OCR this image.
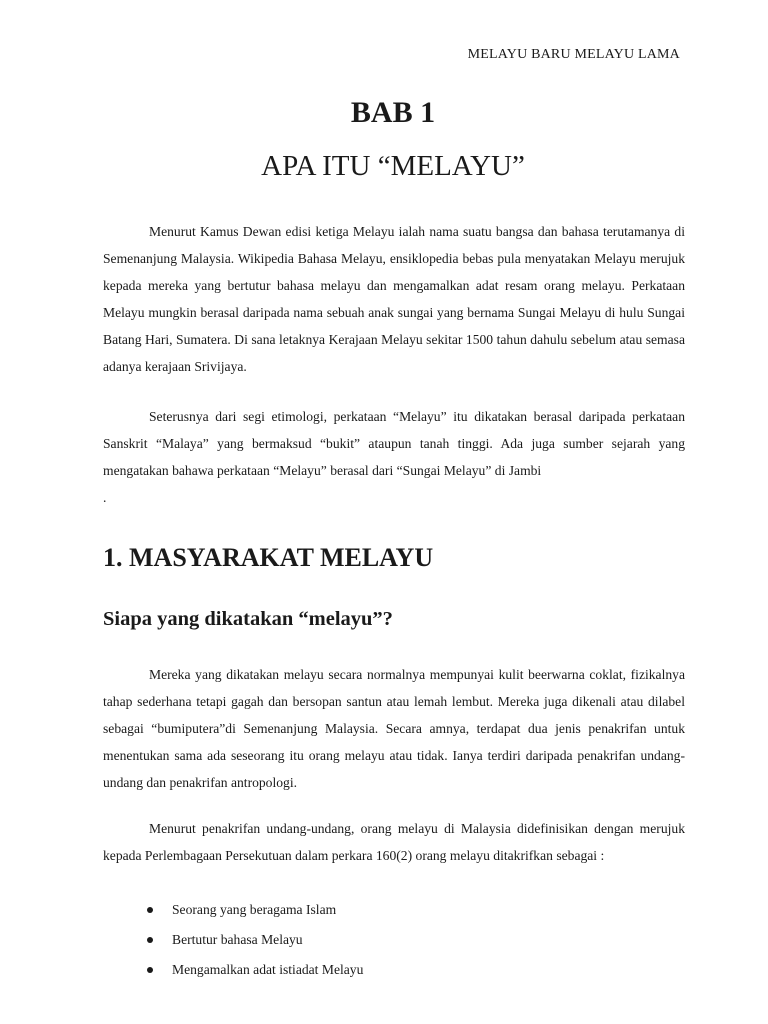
MELAYU BARU MELAYU LAMA
BAB 1
APA ITU “MELAYU”

Menurut Kamus Dewan edisi ketiga Melayu ialah nama suatu bangsa dan bahasa terutamanya di Semenanjung Malaysia. Wikipedia Bahasa Melayu, ensiklopedia bebas pula menyatakan Melayu merujuk kepada mereka yang bertutur bahasa melayu dan mengamalkan adat resam orang melayu. Perkataan Melayu mungkin berasal daripada nama sebuah anak sungai yang bernama Sungai Melayu di hulu Sungai Batang Hari, Sumatera. Di sana letaknya Kerajaan Melayu sekitar 1500 tahun dahulu sebelum atau semasa adanya kerajaan Srivijaya.

Seterusnya dari segi etimologi, perkataan “Melayu” itu dikatakan berasal daripada perkataan Sanskrit “Malaya” yang bermaksud “bukit” ataupun tanah tinggi. Ada juga sumber sejarah yang mengatakan bahawa perkataan “Melayu” berasal dari “Sungai Melayu” di Jambi

.
1. MASYARAKAT MELAYU
Siapa yang dikatakan “melayu”?

Mereka yang dikatakan melayu secara normalnya mempunyai kulit beerwarna coklat, fizikalnya tahap sederhana tetapi gagah dan bersopan santun atau lemah lembut. Mereka juga dikenali atau dilabel sebagai “bumiputera”di Semenanjung Malaysia. Secara amnya, terdapat dua jenis penakrifan untuk menentukan sama ada seseorang itu orang melayu atau tidak. Ianya terdiri daripada penakrifan undang-undang dan penakrifan antropologi.

Menurut penakrifan undang-undang, orang melayu di Malaysia didefinisikan dengan merujuk kepada Perlembagaan Persekutuan dalam perkara 160(2) orang melayu ditakrifkan sebagai :

Seorang yang beragama Islam
Bertutur bahasa Melayu
Mengamalkan adat istiadat Melayu
